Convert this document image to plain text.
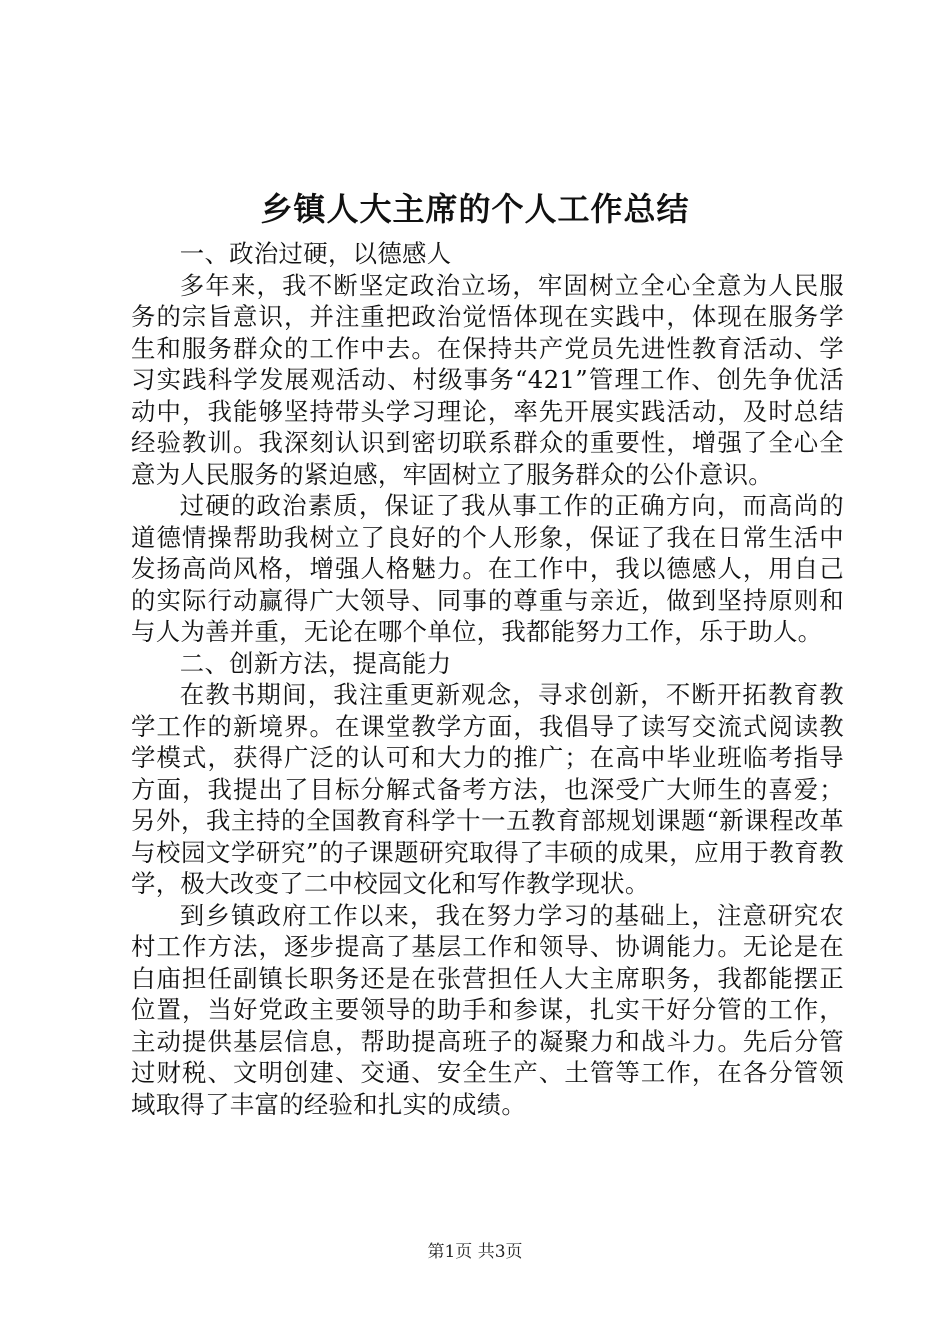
乡镇人大主席的个人工作总结

一、政治过硬，以德感人

多年来，我不断坚定政治立场，牢固树立全心全意为人民服务的宗旨意识，并注重把政治觉悟体现在实践中，体现在服务学生和服务群众的工作中去。在保持共产党员先进性教育活动、学习实践科学发展观活动、村级事务“421”管理工作、创先争优活动中，我能够坚持带头学习理论，率先开展实践活动，及时总结经验教训。我深刻认识到密切联系群众的重要性，增强了全心全意为人民服务的紧迫感，牢固树立了服务群众的公仆意识。

过硬的政治素质，保证了我从事工作的正确方向，而高尚的道德情操帮助我树立了良好的个人形象，保证了我在日常生活中发扬高尚风格，增强人格魅力。在工作中，我以德感人，用自己的实际行动赢得广大领导、同事的尊重与亲近，做到坚持原则和与人为善并重，无论在哪个单位，我都能努力工作，乐于助人。

二、创新方法，提高能力

在教书期间，我注重更新观念，寻求创新，不断开拓教育教学工作的新境界。在课堂教学方面，我倡导了读写交流式阅读教学模式，获得广泛的认可和大力的推广；在高中毕业班临考指导方面，我提出了目标分解式备考方法，也深受广大师生的喜爱；另外，我主持的全国教育科学十一五教育部规划课题“新课程改革与校园文学研究”的子课题研究取得了丰硕的成果，应用于教育教学，极大改变了二中校园文化和写作教学现状。

到乡镇政府工作以来，我在努力学习的基础上，注意研究农村工作方法，逐步提高了基层工作和领导、协调能力。无论是在白庙担任副镇长职务还是在张营担任人大主席职务，我都能摆正位置，当好党政主要领导的助手和参谋，扎实干好分管的工作，主动提供基层信息，帮助提高班子的凝聚力和战斗力。先后分管过财税、文明创建、交通、安全生产、土管等工作，在各分管领域取得了丰富的经验和扎实的成绩。

第1页 共3页
